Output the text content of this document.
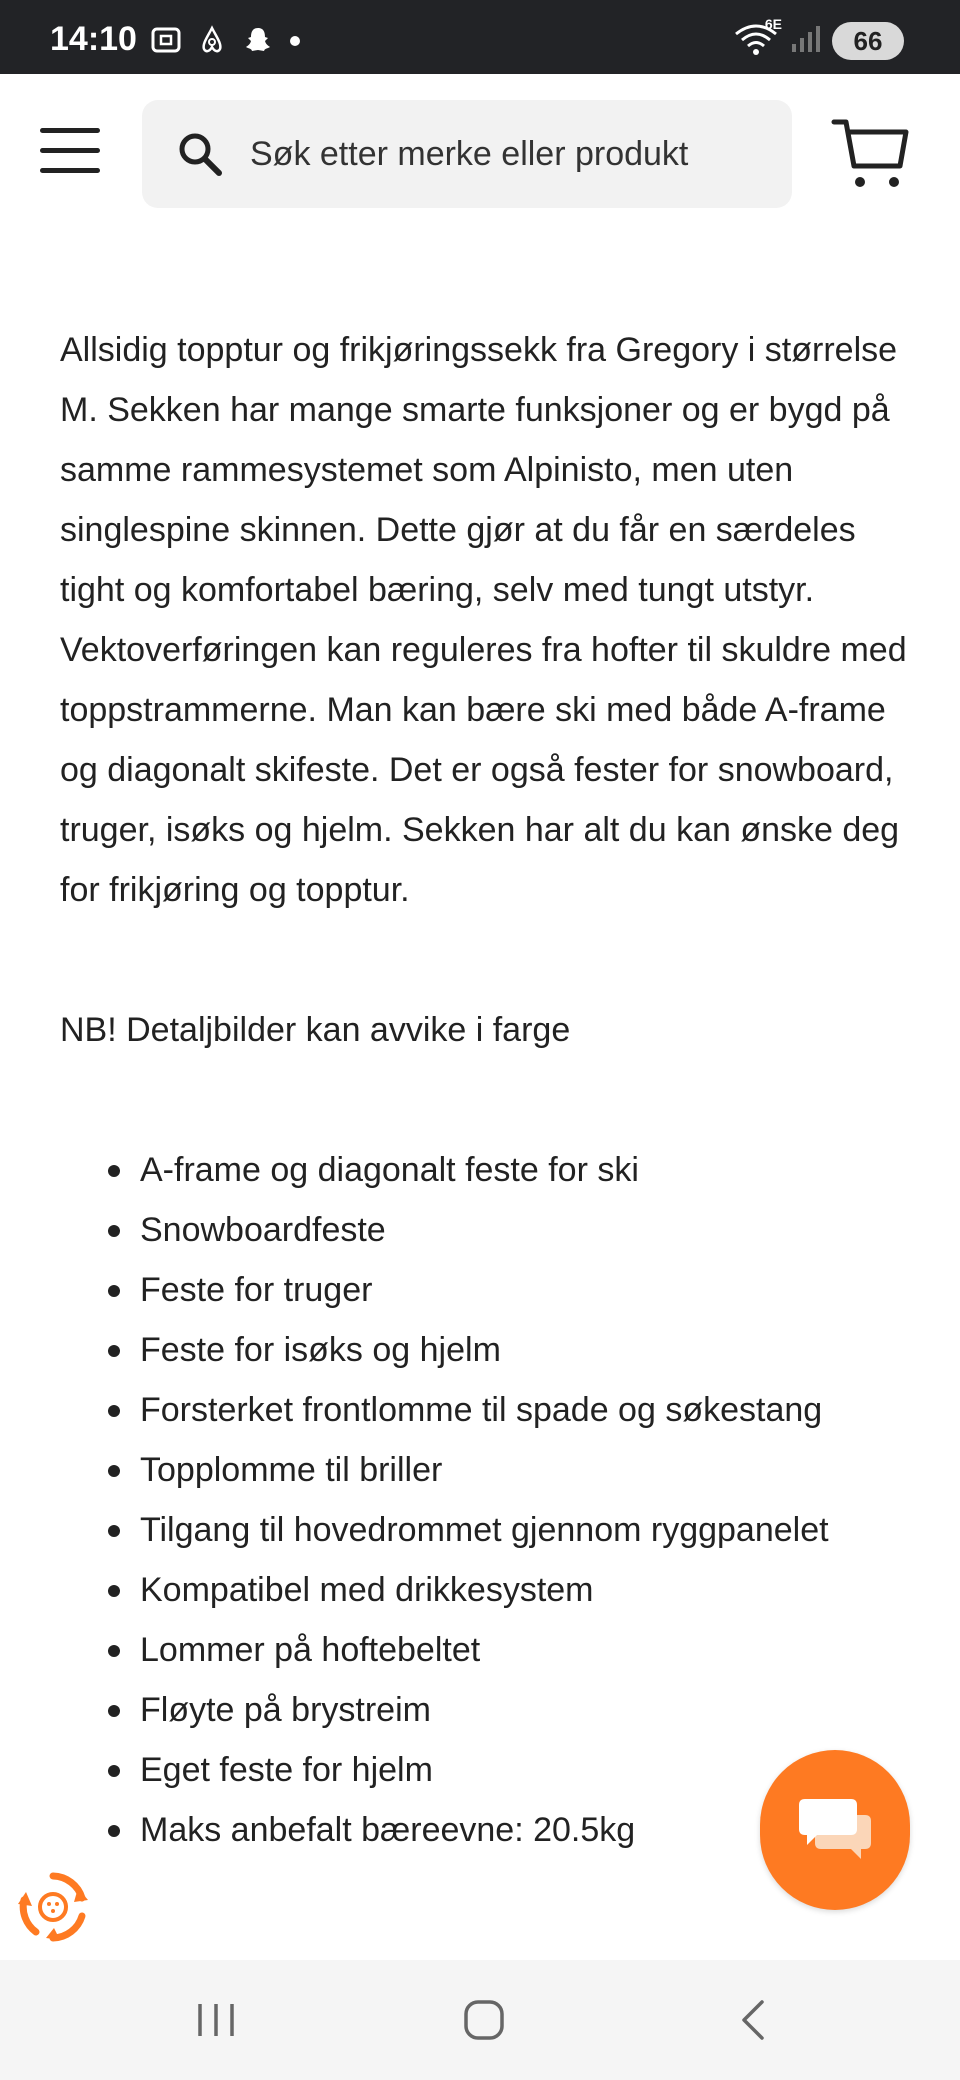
14:10	6E
66
Søk etter merke eller produkt

Allsidig topptur og frikjøringssekk fra Gregory i størrelse M. Sekken har mange smarte funksjoner og er bygd på samme rammesystemet som Alpinisto, men uten singlespine skinnen. Dette gjør at du får en særdeles tight og komfortabel bæring, selv med tungt utstyr. Vektoverføringen kan reguleres fra hofter til skuldre med toppstrammerne. Man kan bære ski med både A-frame og diagonalt skifeste. Det er også fester for snowboard, truger, isøks og hjelm. Sekken har alt du kan ønske deg for frikjøring og topptur.

NB! Detaljbilder kan avvike i farge

A-frame og diagonalt feste for ski
Snowboardfeste
Feste for truger
Feste for isøks og hjelm
Forsterket frontlomme til spade og søkestang
Topplomme til briller
Tilgang til hovedrommet gjennom ryggpanelet
Kompatibel med drikkesystem
Lommer på hoftebeltet
Fløyte på brystreim
Eget feste for hjelm
Maks anbefalt bæreevne: 20.5kg
